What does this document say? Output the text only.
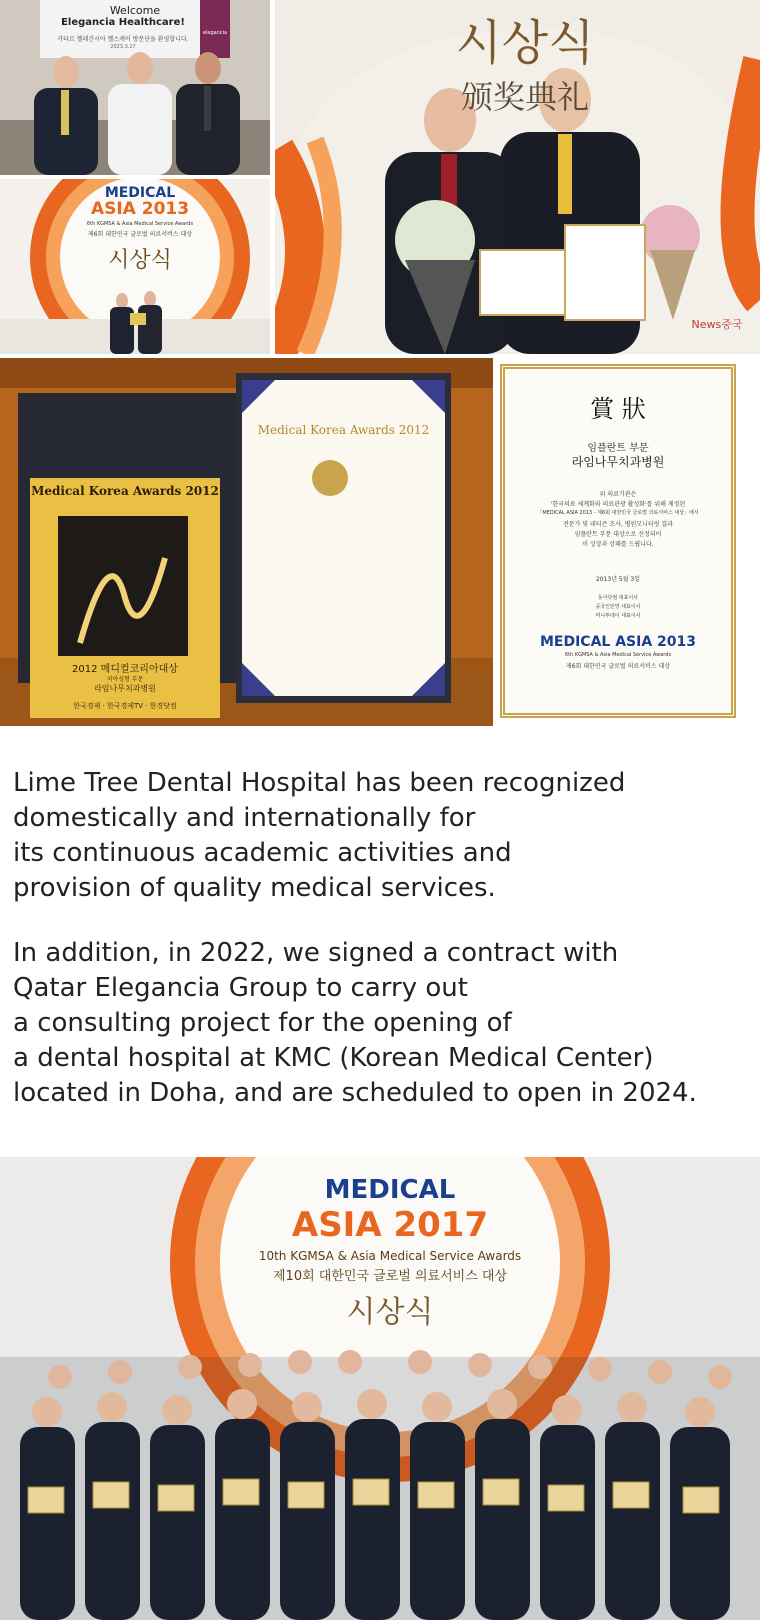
Welcome
Elegancia Healthcare!
카타르 헬레건시아 헬스케어 방문단을 환영합니다.
2023.3.27
elegancia
MEDICAL
ASIA 2013
6th KGMSA & Asia Medical Service Awards
제6회 대한민국 글로벌 의료서비스 대상
시상식
시상식
颁奖典礼
News중국
Medical Korea Awards 2012
2012 메디컬코리아대상
치아성형 부문
라임나무치과병원
한국경제 · 한국경제TV · 한경닷컴
Medical Korea Awards 2012
賞 狀
임플란트 부문
라임나무치과병원
위 의료기관은
'한국의료 세계화와 의료관광 활성화'를 위해 제정된
「MEDICAL ASIA 2013 - 제6회 대한민국 글로벌 의료서비스 대상」에서
전문가 및 네티즌 조사, 병원모니터링 결과
임플란트 부문 대상으로 선정되어
이 상장과 상패를 드립니다.
2013년 5월 3일
동아닷컴 대표이사
중국인민망 대표이사
머니투데이 대표이사
MEDICAL ASIA 2013
6th KGMSA & Asia Medical Service Awards
제6회 대한민국 글로벌 의료서비스 대상
Lime Tree Dental Hospital has been recognized
domestically and internationally for
its continuous academic activities and
provision of quality medical services.
In addition, in 2022, we signed a contract with
Qatar Elegancia Group to carry out
a consulting project for the opening of
a dental hospital at KMC (Korean Medical Center)
located in Doha, and are scheduled to open in 2024.
MEDICAL
ASIA 2017
10th KGMSA & Asia Medical Service Awards
제10회 대한민국 글로벌 의료서비스 대상
시상식
